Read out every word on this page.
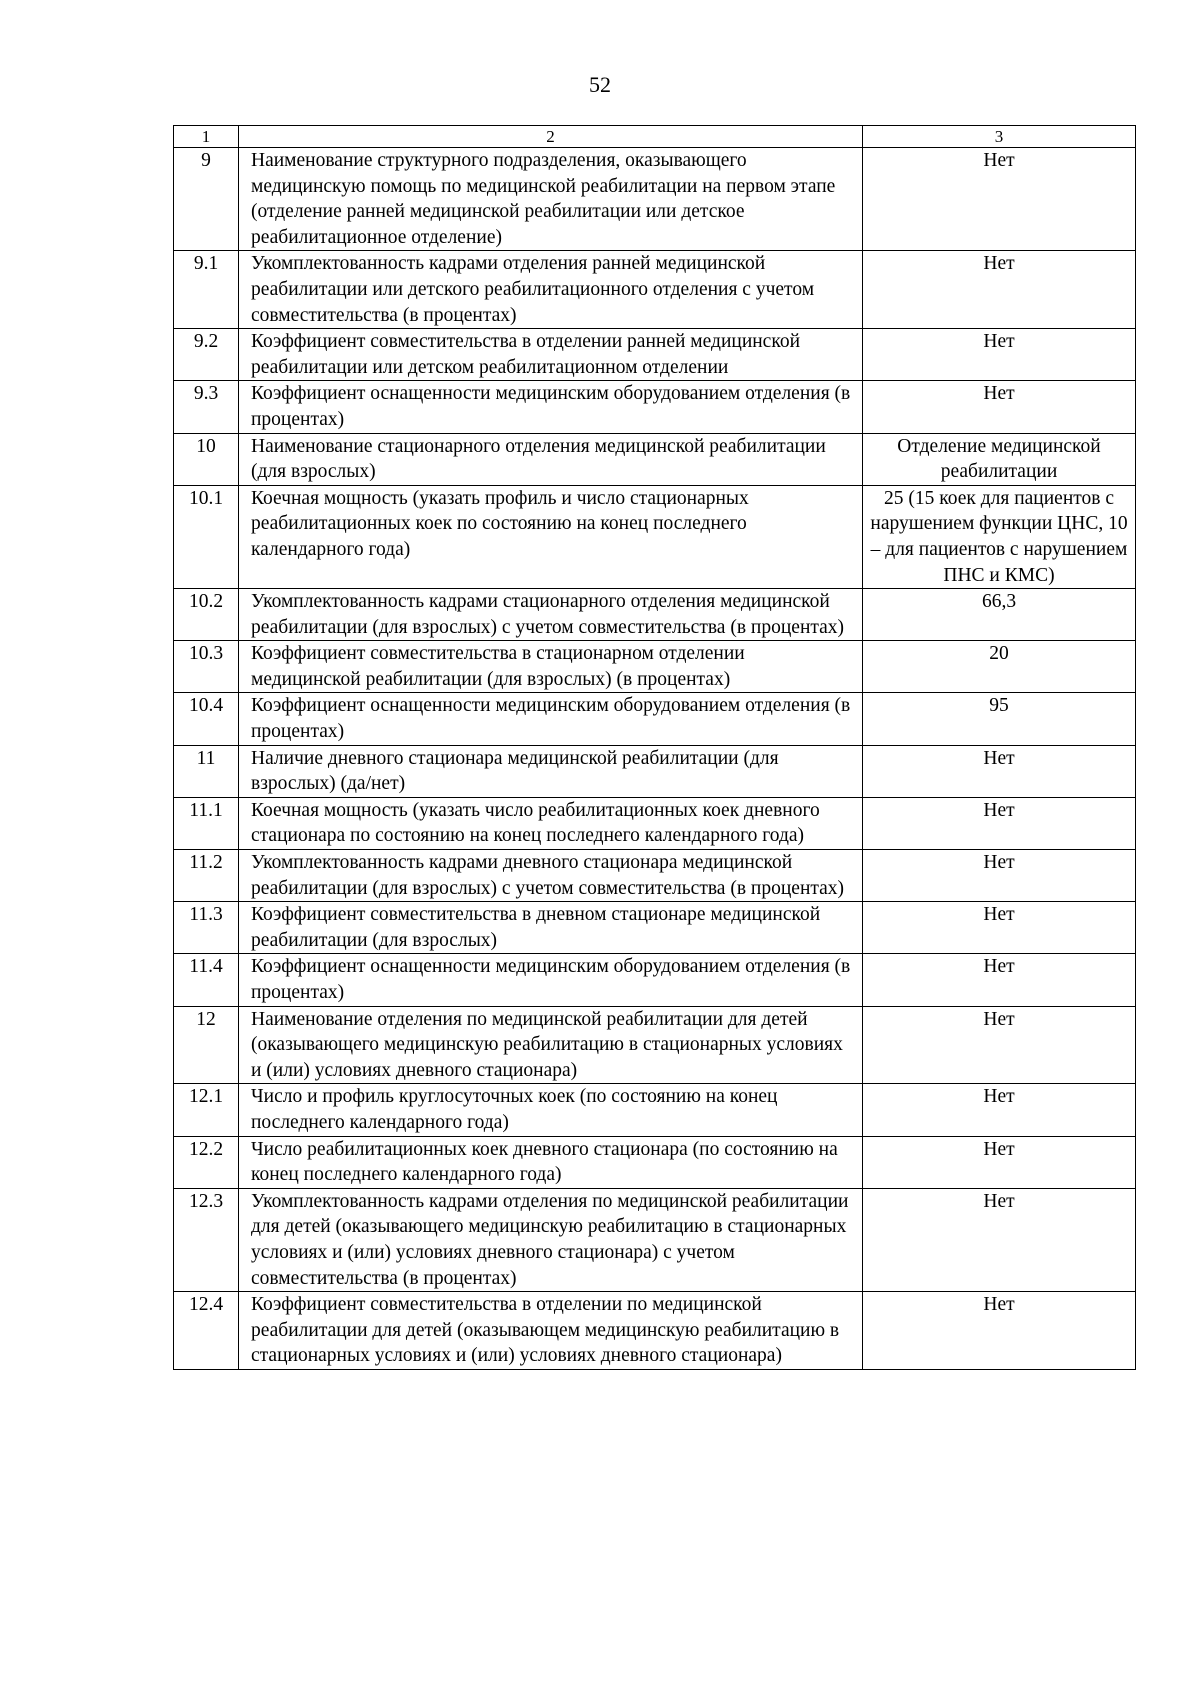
52
1	2	3
9	Наименование структурного подразделения, оказывающего медицинскую помощь по медицинской реабилитации на первом этапе (отделение ранней медицинской реабилитации или детское реабилитационное отделение)	Нет
9.1	Укомплектованность кадрами отделения ранней медицинской реабилитации или детского реабилитационного отделения с учетом совместительства (в процентах)	Нет
9.2	Коэффициент совместительства в отделении ранней медицинской реабилитации или детском реабилитационном отделении	Нет
9.3	Коэффициент оснащенности медицинским оборудованием отделения (в процентах)	Нет
10	Наименование стационарного отделения медицинской реабилитации (для взрослых)	Отделение медицинской реабилитации
10.1	Коечная мощность (указать профиль и число стационарных реабилитационных коек по состоянию на конец последнего календарного года)	25 (15 коек для пациентов с нарушением функции ЦНС, 10 – для пациентов с нарушением ПНС и КМС)
10.2	Укомплектованность кадрами стационарного отделения медицинской реабилитации (для взрослых) с учетом совместительства (в процентах)	66,3
10.3	Коэффициент совместительства в стационарном отделении медицинской реабилитации (для взрослых) (в процентах)	20
10.4	Коэффициент оснащенности медицинским оборудованием отделения (в процентах)	95
11	Наличие дневного стационара медицинской реабилитации (для взрослых) (да/нет)	Нет
11.1	Коечная мощность (указать число реабилитационных коек дневного стационара по состоянию на конец последнего календарного года)	Нет
11.2	Укомплектованность кадрами дневного стационара медицинской реабилитации (для взрослых) с учетом совместительства (в процентах)	Нет
11.3	Коэффициент совместительства в дневном стационаре медицинской реабилитации (для взрослых)	Нет
11.4	Коэффициент оснащенности медицинским оборудованием отделения (в процентах)	Нет
12	Наименование отделения по медицинской реабилитации для детей (оказывающего медицинскую реабилитацию в стационарных условиях и (или) условиях дневного стационара)	Нет
12.1	Число и профиль круглосуточных коек (по состоянию на конец последнего календарного года)	Нет
12.2	Число реабилитационных коек дневного стационара (по состоянию на конец последнего календарного года)	Нет
12.3	Укомплектованность кадрами отделения по медицинской реабилитации для детей (оказывающего медицинскую реабилитацию в стационарных условиях и (или) условиях дневного стационара) с учетом совместительства (в процентах)	Нет
12.4	Коэффициент совместительства в отделении по медицинской реабилитации для детей (оказывающем медицинскую реабилитацию в стационарных условиях и (или) условиях дневного стационара)	Нет
